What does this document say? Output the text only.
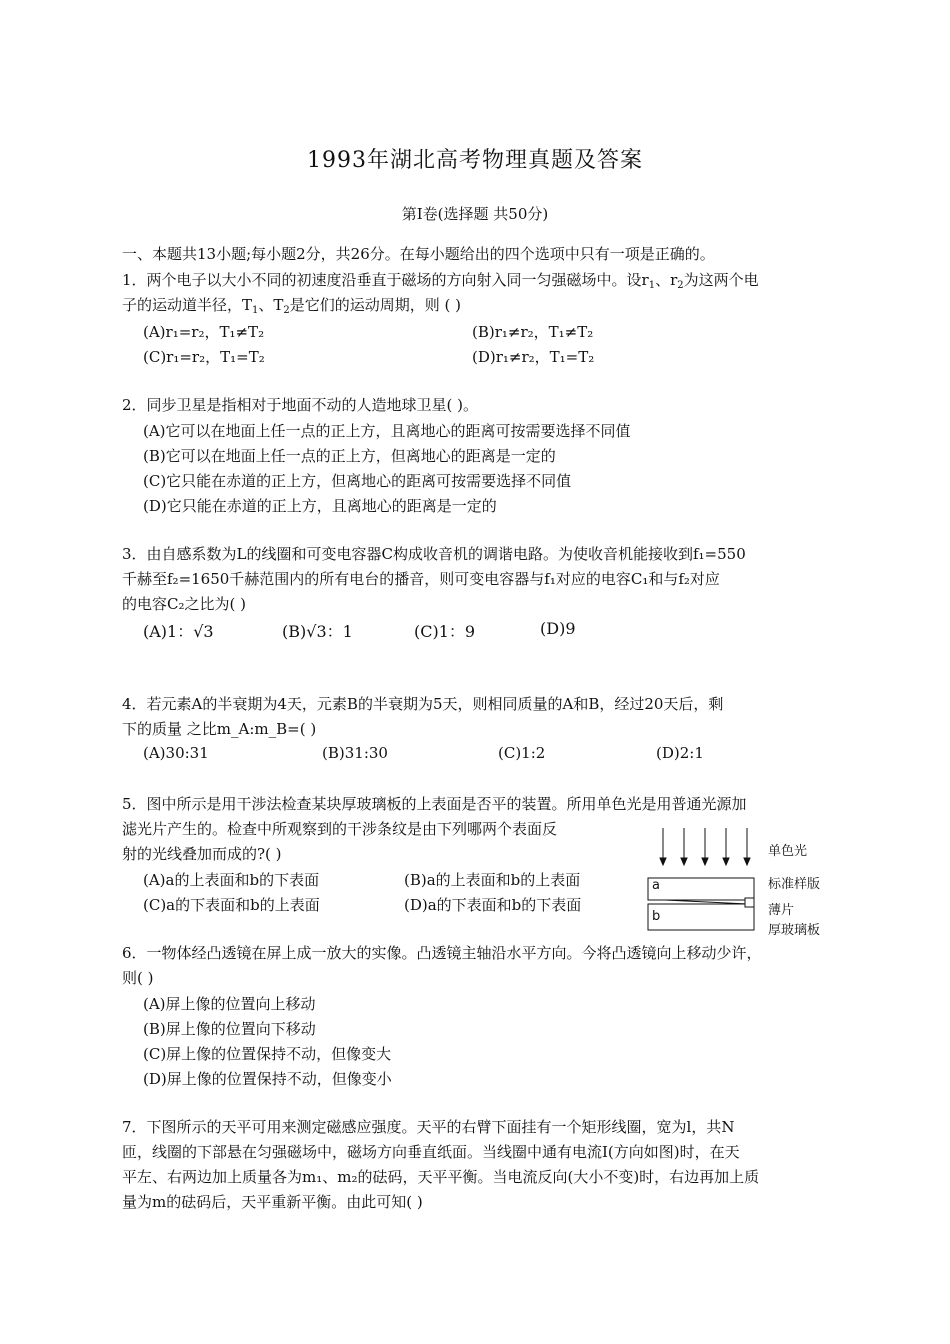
1993年湖北高考物理真题及答案
第Ⅰ卷(选择题 共50分)
一、本题共13小题;每小题2分，共26分。在每小题给出的四个选项中只有一项是正确的。
1．两个电子以大小不同的初速度沿垂直于磁场的方向射入同一匀强磁场中。设$r_1$、$r_2$为这两个电
子的运动道半径，$T_1$、$T_2$是它们的运动周期，则 ( )
(A)r₁=r₂，T₁≠T₂	(B)r₁≠r₂，T₁≠T₂
(C)r₁=r₂，T₁=T₂	(D)r₁≠r₂，T₁=T₂
2．同步卫星是指相对于地面不动的人造地球卫星( )。
(A)它可以在地面上任一点的正上方，且离地心的距离可按需要选择不同值
(B)它可以在地面上任一点的正上方，但离地心的距离是一定的
(C)它只能在赤道的正上方，但离地心的距离可按需要选择不同值
(D)它只能在赤道的正上方，且离地心的距离是一定的
3．由自感系数为L的线圈和可变电容器C构成收音机的调谐电路。为使收音机能接收到f₁=550
千赫至f₂=1650千赫范围内的所有电台的播音，则可变电容器与f₁对应的电容C₁和与f₂对应
的电容C₂之比为( )
(A)1：√3	(B)√3：1	(C)1：9	(D)9
4．若元素A的半衰期为4天，元素B的半衰期为5天，则相同质量的A和B，经过20天后，剩
下的质量 之比m_A:m_B=( )
(A)30:31	(B)31:30	(C)1:2	(D)2:1
5．图中所示是用干涉法检查某块厚玻璃板的上表面是否平的装置。所用单色光是用普通光源加
滤光片产生的。检查中所观察到的干涉条纹是由下列哪两个表面反
射的光线叠加而成的?( )
(A)a的上表面和b的下表面	(B)a的上表面和b的上表面
(C)a的下表面和b的上表面	(D)a的下表面和b的下表面
a
b
单色光
标准样版
薄片
厚玻璃板
6．一物体经凸透镜在屏上成一放大的实像。凸透镜主轴沿水平方向。今将凸透镜向上移动少许，
则( )
(A)屏上像的位置向上移动
(B)屏上像的位置向下移动
(C)屏上像的位置保持不动，但像变大
(D)屏上像的位置保持不动，但像变小
7．下图所示的天平可用来测定磁感应强度。天平的右臂下面挂有一个矩形线圈，宽为l，共N
匝，线圈的下部悬在匀强磁场中，磁场方向垂直纸面。当线圈中通有电流I(方向如图)时，在天
平左、右两边加上质量各为m₁、m₂的砝码，天平平衡。当电流反向(大小不变)时，右边再加上质
量为m的砝码后，天平重新平衡。由此可知( )
